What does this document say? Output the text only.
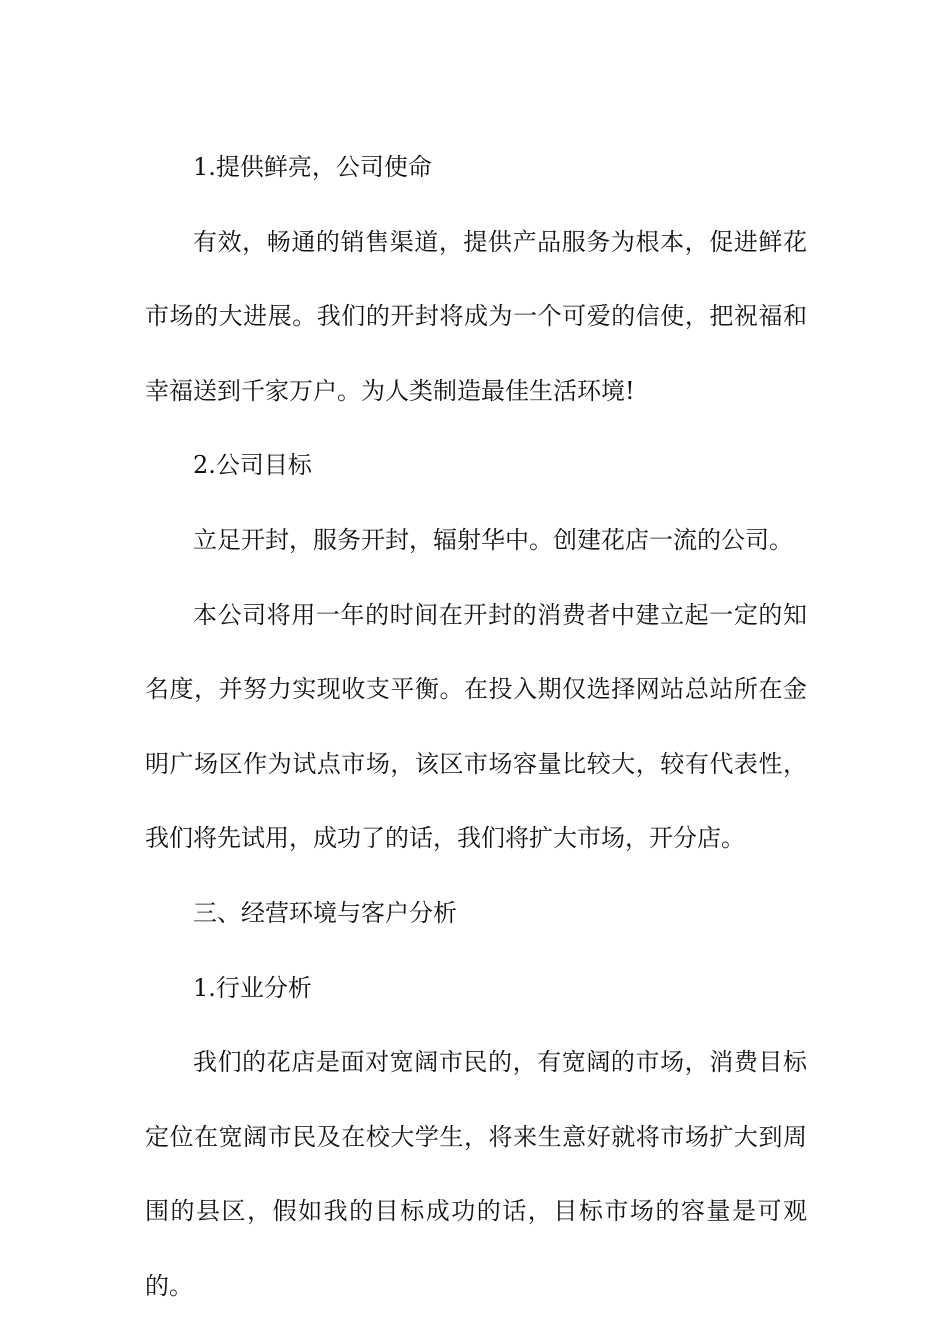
1.提供鲜亮，公司使命

有效，畅通的销售渠道，提供产品服务为根本，促进鲜花市场的大进展。我们的开封将成为一个可爱的信使，把祝福和幸福送到千家万户。为人类制造最佳生活环境!

2.公司目标

立足开封，服务开封，辐射华中。创建花店一流的公司。

本公司将用一年的时间在开封的消费者中建立起一定的知名度，并努力实现收支平衡。在投入期仅选择网站总站所在金明广场区作为试点市场，该区市场容量比较大，较有代表性，我们将先试用，成功了的话，我们将扩大市场，开分店。

三、经营环境与客户分析

1.行业分析

我们的花店是面对宽阔市民的，有宽阔的市场，消费目标定位在宽阔市民及在校大学生，将来生意好就将市场扩大到周围的县区，假如我的目标成功的话，目标市场的容量是可观的。
